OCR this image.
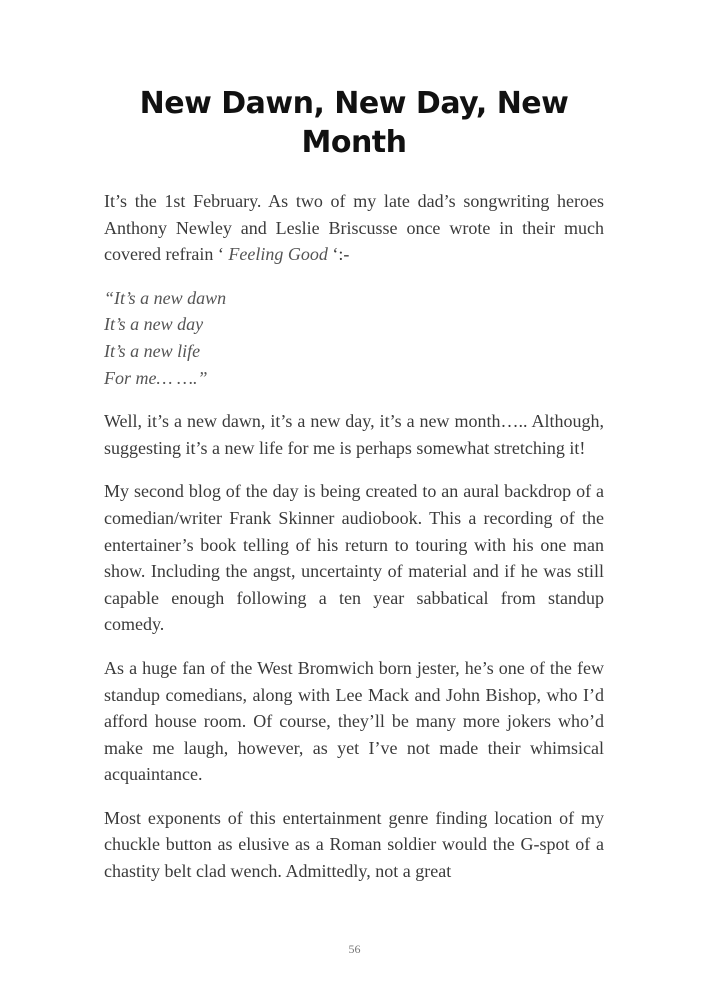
New Dawn, New Day, New Month

It’s the 1st February. As two of my late dad’s songwriting heroes Anthony Newley and Leslie Briscusse once wrote in their much covered refrain ‘ Feeling Good ‘:-

“It’s a new dawn
It’s a new day
It’s a new life
For me… ….”

Well, it’s a new dawn, it’s a new day, it’s a new month….. Although, suggesting it’s a new life for me is perhaps somewhat stretching it!

My second blog of the day is being created to an aural backdrop of a comedian/writer Frank Skinner audiobook. This a recording of the entertainer’s book telling of his return to touring with his one man show. Including the angst, uncertainty of material and if he was still capable enough following a ten year sabbatical from standup comedy.

As a huge fan of the West Bromwich born jester, he’s one of the few standup comedians, along with Lee Mack and John Bishop, who I’d afford house room. Of course, they’ll be many more jokers who’d make me laugh, however, as yet I’ve not made their whimsical acquaintance.

Most exponents of this entertainment genre finding location of my chuckle button as elusive as a Roman soldier would the G-spot of a chastity belt clad wench. Admittedly, not a great

56
